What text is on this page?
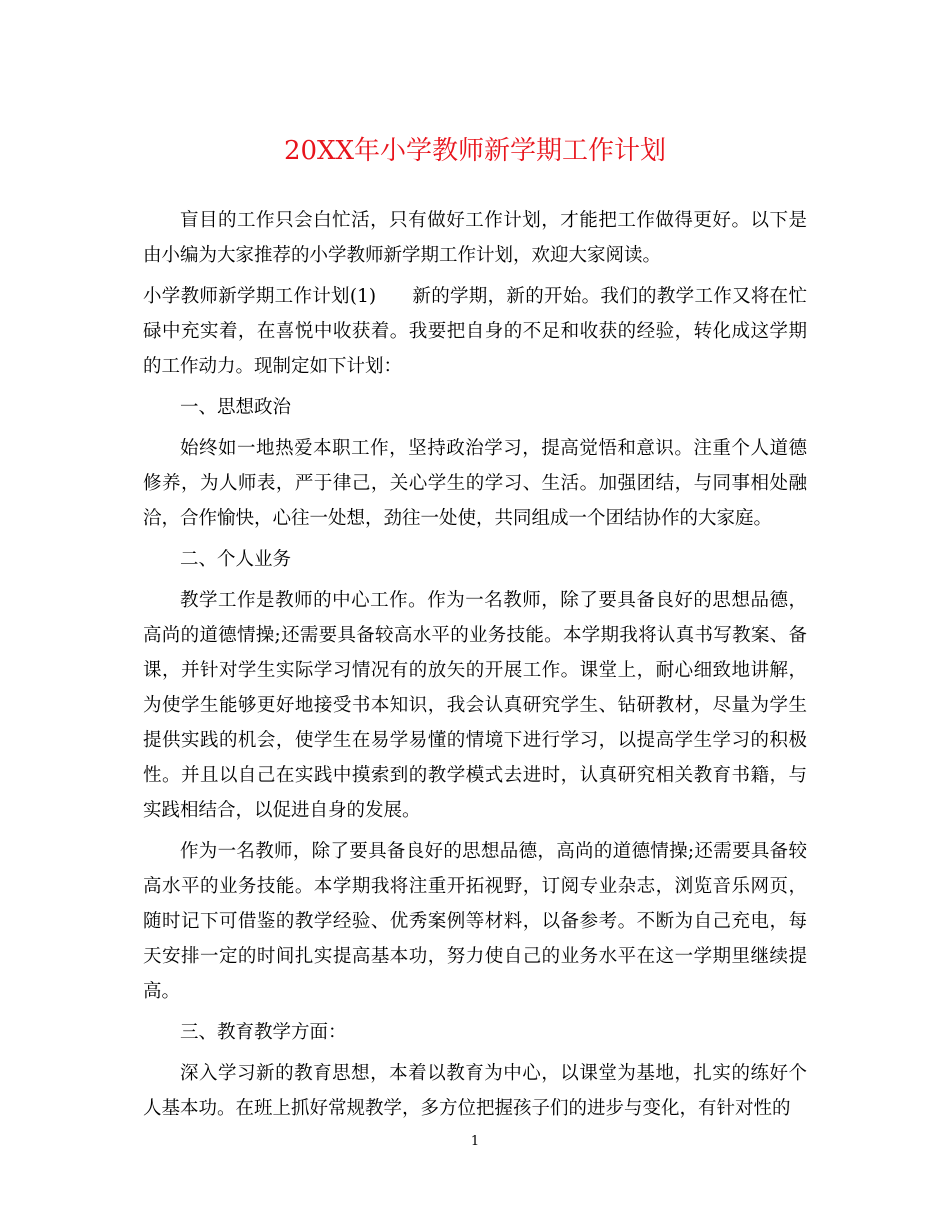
20XX年小学教师新学期工作计划

盲目的工作只会白忙活，只有做好工作计划，才能把工作做得更好。以下是由小编为大家推荐的小学教师新学期工作计划，欢迎大家阅读。

小学教师新学期工作计划(1) 新的学期，新的开始。我们的教学工作又将在忙碌中充实着，在喜悦中收获着。我要把自身的不足和收获的经验，转化成这学期的工作动力。现制定如下计划：

一、思想政治

始终如一地热爱本职工作，坚持政治学习，提高觉悟和意识。注重个人道德修养，为人师表，严于律己，关心学生的学习、生活。加强团结，与同事相处融洽，合作愉快，心往一处想，劲往一处使，共同组成一个团结协作的大家庭。

二、个人业务

教学工作是教师的中心工作。作为一名教师，除了要具备良好的思想品德，高尚的道德情操;还需要具备较高水平的业务技能。本学期我将认真书写教案、备课，并针对学生实际学习情况有的放矢的开展工作。课堂上，耐心细致地讲解，为使学生能够更好地接受书本知识，我会认真研究学生、钻研教材，尽量为学生提供实践的机会，使学生在易学易懂的情境下进行学习，以提高学生学习的积极性。并且以自己在实践中摸索到的教学模式去进时，认真研究相关教育书籍，与实践相结合，以促进自身的发展。

作为一名教师，除了要具备良好的思想品德，高尚的道德情操;还需要具备较高水平的业务技能。本学期我将注重开拓视野，订阅专业杂志，浏览音乐网页，随时记下可借鉴的教学经验、优秀案例等材料，以备参考。不断为自己充电，每天安排一定的时间扎实提高基本功，努力使自己的业务水平在这一学期里继续提高。

三、教育教学方面：

深入学习新的教育思想，本着以教育为中心，以课堂为基地，扎实的练好个人基本功。在班上抓好常规教学，多方位把握孩子们的进步与变化，有针对性的

1
